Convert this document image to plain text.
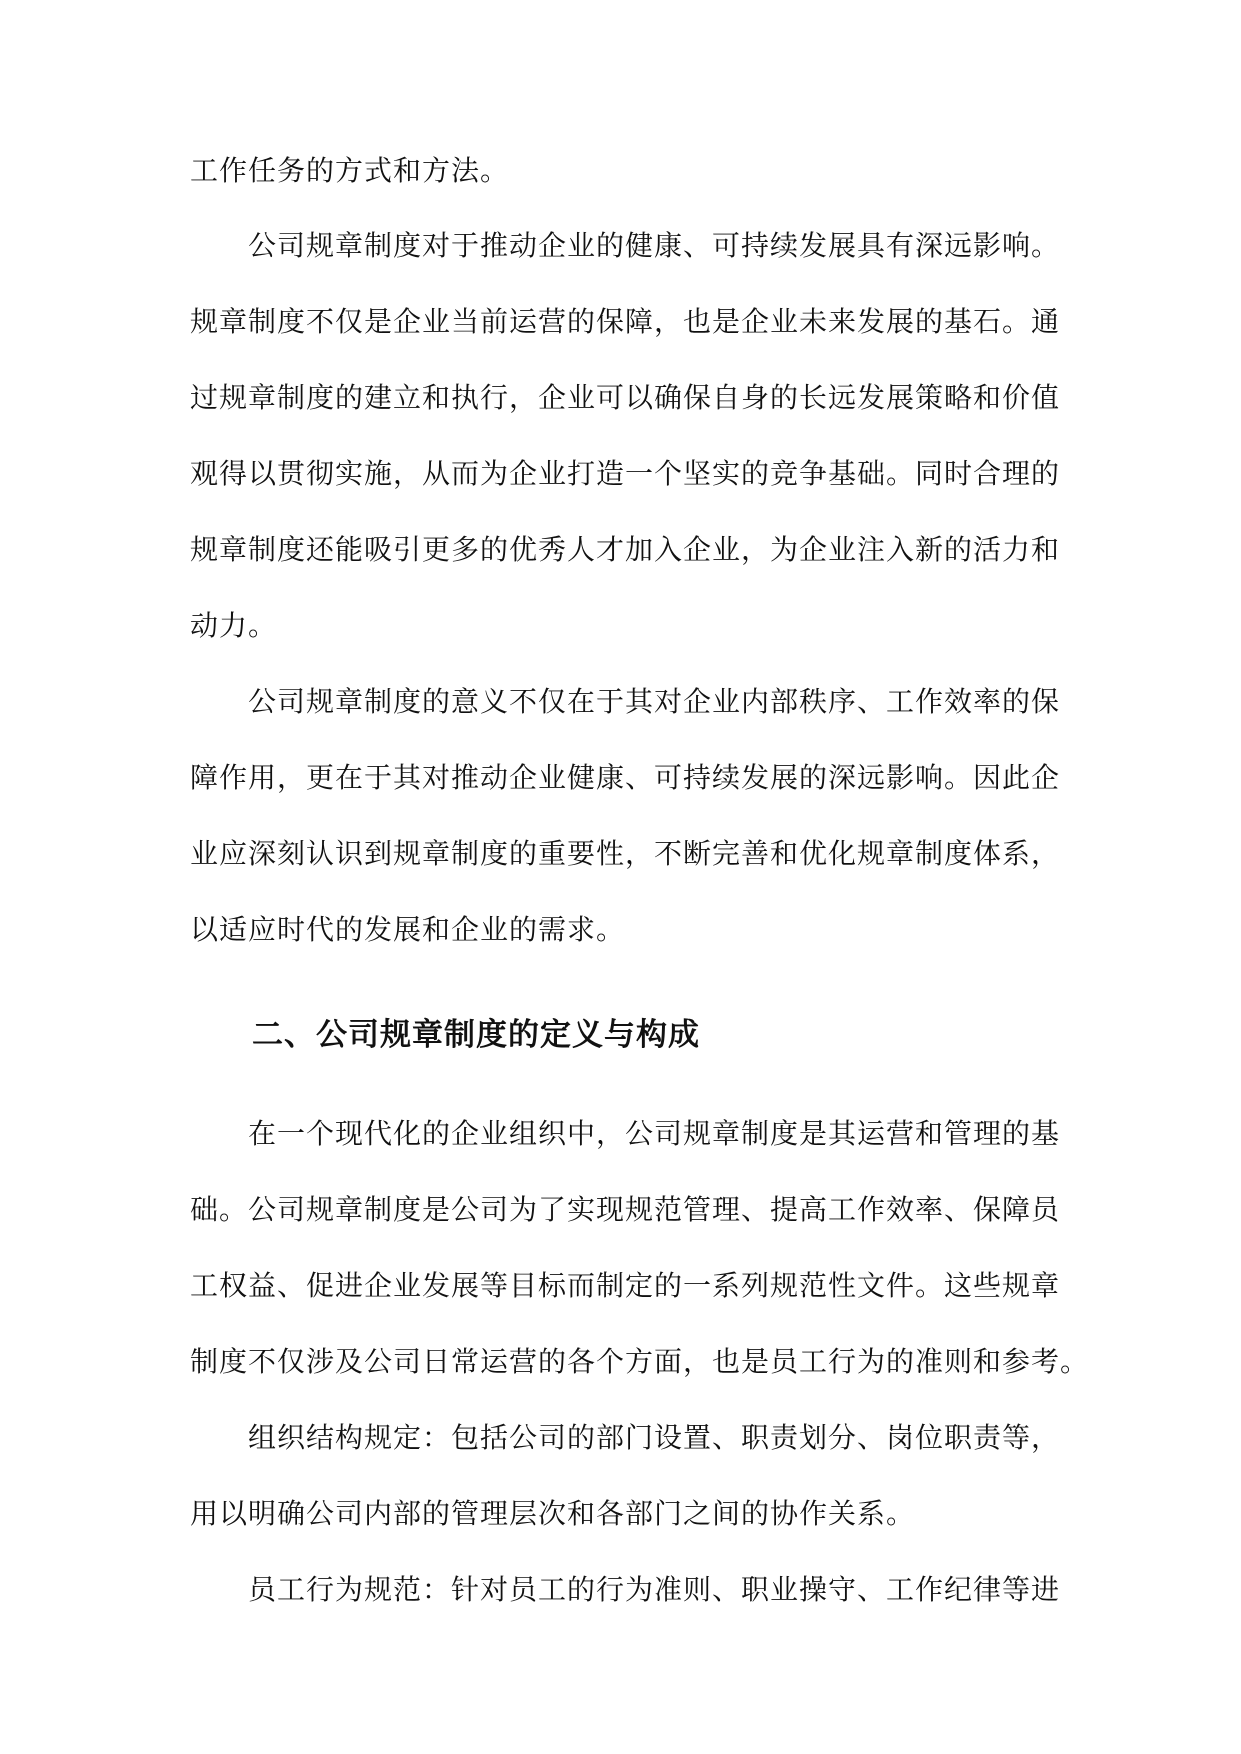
工作任务的方式和方法。
公司规章制度对于推动企业的健康、可持续发展具有深远影响。
规章制度不仅是企业当前运营的保障，也是企业未来发展的基石。通
过规章制度的建立和执行，企业可以确保自身的长远发展策略和价值
观得以贯彻实施，从而为企业打造一个坚实的竞争基础。同时合理的
规章制度还能吸引更多的优秀人才加入企业，为企业注入新的活力和
动力。
公司规章制度的意义不仅在于其对企业内部秩序、工作效率的保
障作用，更在于其对推动企业健康、可持续发展的深远影响。因此企
业应深刻认识到规章制度的重要性，不断完善和优化规章制度体系，
以适应时代的发展和企业的需求。
二、公司规章制度的定义与构成
在一个现代化的企业组织中，公司规章制度是其运营和管理的基
础。公司规章制度是公司为了实现规范管理、提高工作效率、保障员
工权益、促进企业发展等目标而制定的一系列规范性文件。这些规章
制度不仅涉及公司日常运营的各个方面，也是员工行为的准则和参考。
组织结构规定：包括公司的部门设置、职责划分、岗位职责等，
用以明确公司内部的管理层次和各部门之间的协作关系。
员工行为规范：针对员工的行为准则、职业操守、工作纪律等进
